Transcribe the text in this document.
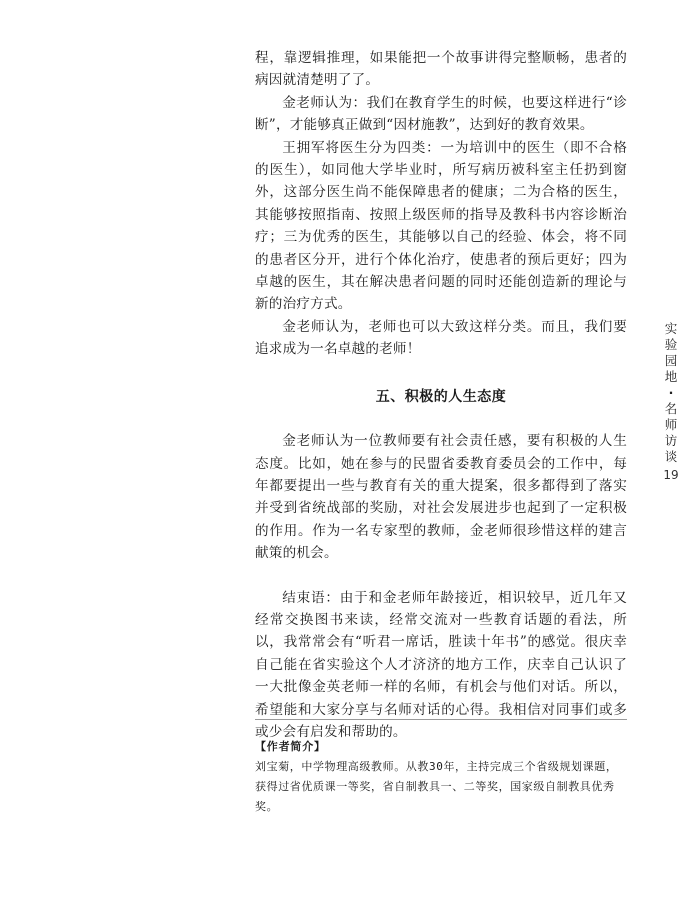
程，靠逻辑推理，如果能把一个故事讲得完整顺畅，患者的病因就清楚明了了。

金老师认为：我们在教育学生的时候，也要这样进行“诊断”，才能够真正做到“因材施教”，达到好的教育效果。

王拥军将医生分为四类：一为培训中的医生（即不合格的医生），如同他大学毕业时，所写病历被科室主任扔到窗外，这部分医生尚不能保障患者的健康；二为合格的医生，其能够按照指南、按照上级医师的指导及教科书内容诊断治疗；三为优秀的医生，其能够以自己的经验、体会，将不同的患者区分开，进行个体化治疗，使患者的预后更好；四为卓越的医生，其在解决患者问题的同时还能创造新的理论与新的治疗方式。

金老师认为，老师也可以大致这样分类。而且，我们要追求成为一名卓越的老师！

五、积极的人生态度

金老师认为一位教师要有社会责任感，要有积极的人生态度。比如，她在参与的民盟省委教育委员会的工作中，每年都要提出一些与教育有关的重大提案，很多都得到了落实并受到省统战部的奖励，对社会发展进步也起到了一定积极的作用。作为一名专家型的教师，金老师很珍惜这样的建言献策的机会。

结束语：由于和金老师年龄接近，相识较早，近几年又经常交换图书来读，经常交流对一些教育话题的看法，所以，我常常会有“听君一席话，胜读十年书”的感觉。很庆幸自己能在省实验这个人才济济的地方工作，庆幸自己认识了一大批像金英老师一样的名师，有机会与他们对话。所以，希望能和大家分享与名师对话的心得。我相信对同事们或多或少会有启发和帮助的。

【作者简介】
刘宝菊，中学物理高级教师。从教30年，主持完成三个省级规划课题，获得过省优质课一等奖，省自制教具一、二等奖，国家级自制教具优秀奖。
实
验
园
地
·
名
师
访
谈
19
